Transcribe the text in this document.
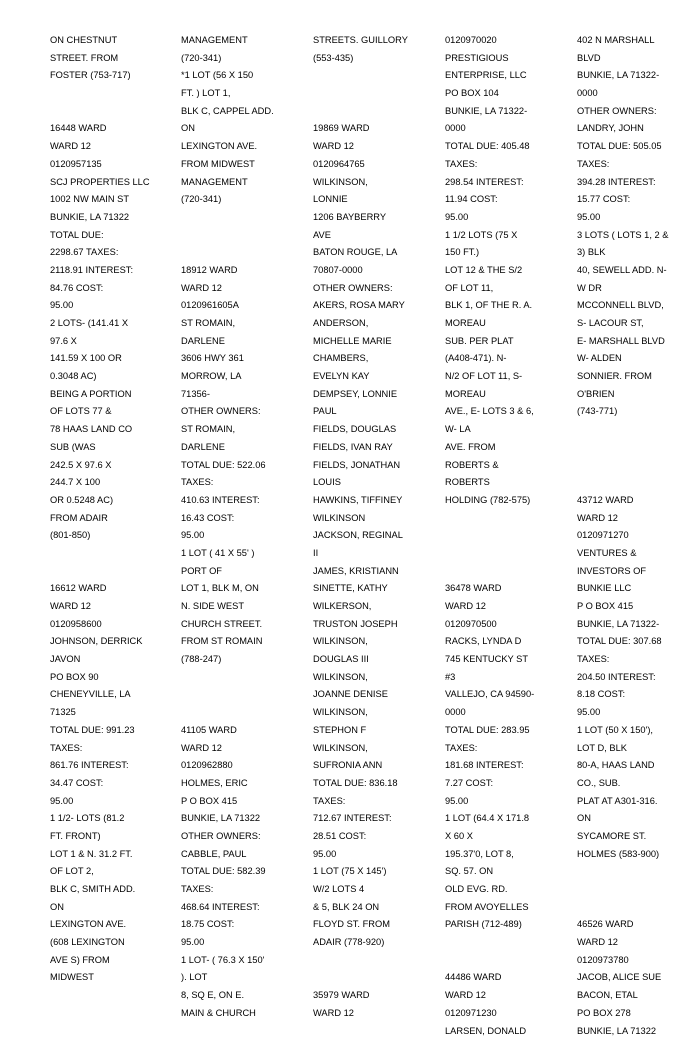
ON CHESTNUT
STREET. FROM
FOSTER (753-717)
16448 WARD
WARD 12
0120957135
SCJ PROPERTIES LLC
1002 NW MAIN ST
BUNKIE, LA 71322
TOTAL DUE:
2298.67 TAXES:
2118.91 INTEREST:
84.76 COST:
95.00
2 LOTS- (141.41 X
97.6 X
141.59 X 100 OR
0.3048 AC)
BEING A PORTION
OF LOTS 77 &
78 HAAS LAND CO
SUB (WAS
242.5 X 97.6 X
244.7 X 100
OR 0.5248 AC)
FROM ADAIR
(801-850)
16612 WARD
WARD 12
0120958600
JOHNSON, DERRICK
JAVON
PO BOX 90
CHENEYVILLE, LA
71325
TOTAL DUE: 991.23
TAXES:
861.76 INTEREST:
34.47 COST:
95.00
1 1/2- LOTS (81.2
FT. FRONT)
LOT 1 & N. 31.2 FT.
OF LOT 2,
BLK C, SMITH ADD.
ON
LEXINGTON AVE.
(608 LEXINGTON
AVE S) FROM
MIDWEST
MANAGEMENT
(720-341)
*1 LOT (56 X 150
FT. ) LOT 1,
BLK C, CAPPEL ADD.
ON
LEXINGTON AVE.
FROM MIDWEST
MANAGEMENT
(720-341)
18912 WARD
WARD 12
0120961605A
ST ROMAIN,
DARLENE
3606 HWY 361
MORROW, LA
71356-
OTHER OWNERS:
ST ROMAIN,
DARLENE
TOTAL DUE: 522.06
TAXES:
410.63 INTEREST:
16.43 COST:
95.00
1 LOT ( 41 X 55' )
PORT OF
LOT 1, BLK M, ON
N. SIDE WEST
CHURCH STREET.
FROM ST ROMAIN
(788-247)
41105 WARD
WARD 12
0120962880
HOLMES, ERIC
P O BOX 415
BUNKIE, LA 71322
OTHER OWNERS:
CABBLE, PAUL
TOTAL DUE: 582.39
TAXES:
468.64 INTEREST:
18.75 COST:
95.00
1 LOT- ( 76.3 X 150'
). LOT
8, SQ E, ON E.
MAIN & CHURCH
STREETS. GUILLORY
(553-435)
19869 WARD
WARD 12
0120964765
WILKINSON,
LONNIE
1206 BAYBERRY
AVE
BATON ROUGE, LA
70807-0000
OTHER OWNERS:
AKERS, ROSA MARY
ANDERSON,
MICHELLE MARIE
CHAMBERS,
EVELYN KAY
DEMPSEY, LONNIE
PAUL
FIELDS, DOUGLAS
FIELDS, IVAN RAY
FIELDS, JONATHAN
LOUIS
HAWKINS, TIFFINEY
WILKINSON
JACKSON, REGINAL
II
JAMES, KRISTIANN
SINETTE, KATHY
WILKERSON,
TRUSTON JOSEPH
WILKINSON,
DOUGLAS III
WILKINSON,
JOANNE DENISE
WILKINSON,
STEPHON F
WILKINSON,
SUFRONIA ANN
TOTAL DUE: 836.18
TAXES:
712.67 INTEREST:
28.51 COST:
95.00
1 LOT (75 X 145')
W/2 LOTS 4
& 5, BLK 24 ON
FLOYD ST. FROM
ADAIR (778-920)
35979 WARD
WARD 12
0120970020
PRESTIGIOUS
ENTERPRISE, LLC
PO BOX 104
BUNKIE, LA 71322-
0000
TOTAL DUE: 405.48
TAXES:
298.54 INTEREST:
11.94 COST:
95.00
1 1/2 LOTS (75 X
150 FT.)
LOT 12 & THE S/2
OF LOT 11,
BLK 1, OF THE R. A.
MOREAU
SUB. PER PLAT
(A408-471). N-
N/2 OF LOT 11, S-
MOREAU
AVE., E- LOTS 3 & 6,
W- LA
AVE. FROM
ROBERTS &
ROBERTS
HOLDING (782-575)
36478 WARD
WARD 12
0120970500
RACKS, LYNDA D
745 KENTUCKY ST
#3
VALLEJO, CA 94590-
0000
TOTAL DUE: 283.95
TAXES:
181.68 INTEREST:
7.27 COST:
95.00
1 LOT (64.4 X 171.8
X 60 X
195.37'0, LOT 8,
SQ. 57. ON
OLD EVG. RD.
FROM AVOYELLES
PARISH (712-489)
44486 WARD
WARD 12
0120971230
LARSEN, DONALD
402 N MARSHALL
BLVD
BUNKIE, LA 71322-
0000
OTHER OWNERS:
LANDRY, JOHN
TOTAL DUE: 505.05
TAXES:
394.28 INTEREST:
15.77 COST:
95.00
3 LOTS ( LOTS 1, 2 &
3) BLK
40, SEWELL ADD. N-
W DR
MCCONNELL BLVD,
S- LACOUR ST,
E- MARSHALL BLVD
W- ALDEN
SONNIER. FROM
O'BRIEN
(743-771)
43712 WARD
WARD 12
0120971270
VENTURES &
INVESTORS OF
BUNKIE LLC
P O BOX 415
BUNKIE, LA 71322-
TOTAL DUE: 307.68
TAXES:
204.50 INTEREST:
8.18 COST:
95.00
1 LOT (50 X 150'),
LOT D, BLK
80-A, HAAS LAND
CO., SUB.
PLAT AT A301-316.
ON
SYCAMORE ST.
HOLMES (583-900)
46526 WARD
WARD 12
0120973780
JACOB, ALICE SUE
BACON, ETAL
PO BOX 278
BUNKIE, LA 71322
